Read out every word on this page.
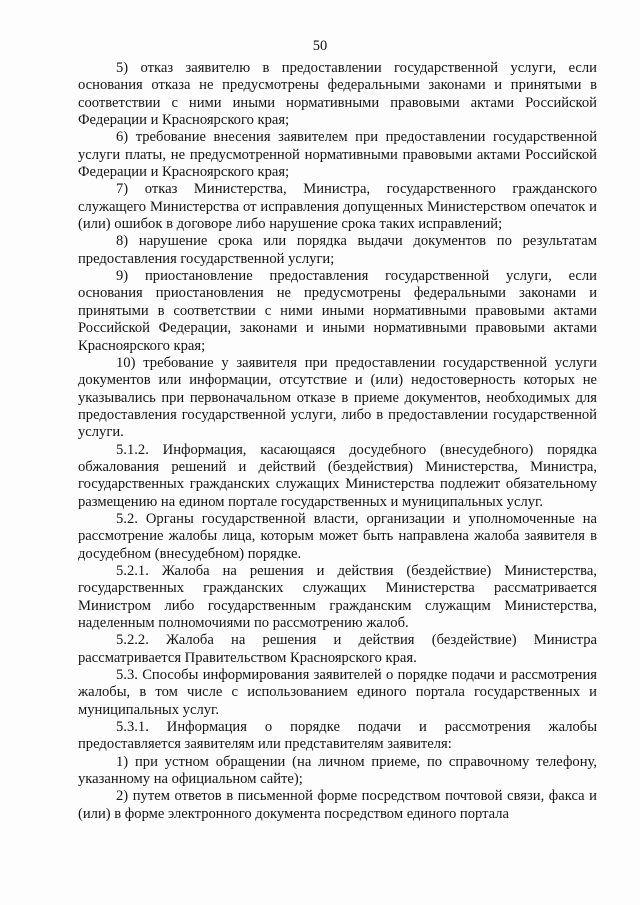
50

5) отказ заявителю в предоставлении государственной услуги, если основания отказа не предусмотрены федеральными законами и принятыми в соответствии с ними иными нормативными правовыми актами Российской Федерации и Красноярского края;

6) требование внесения заявителем при предоставлении государственной услуги платы, не предусмотренной нормативными правовыми актами Российской Федерации и Красноярского края;

7) отказ Министерства, Министра, государственного гражданского служащего Министерства от исправления допущенных Министерством опечаток и (или) ошибок в договоре либо нарушение срока таких исправлений;

8) нарушение срока или порядка выдачи документов по результатам предоставления государственной услуги;

9) приостановление предоставления государственной услуги, если основания приостановления не предусмотрены федеральными законами и принятыми в соответствии с ними иными нормативными правовыми актами Российской Федерации, законами и иными нормативными правовыми актами Красноярского края;

10) требование у заявителя при предоставлении государственной услуги документов или информации, отсутствие и (или) недостоверность которых не указывались при первоначальном отказе в приеме документов, необходимых для предоставления государственной услуги, либо в предоставлении государственной услуги.

5.1.2. Информация, касающаяся досудебного (внесудебного) порядка обжалования решений и действий (бездействия) Министерства, Министра, государственных гражданских служащих Министерства подлежит обязательному размещению на едином портале государственных и муниципальных услуг.

5.2. Органы государственной власти, организации и уполномоченные на рассмотрение жалобы лица, которым может быть направлена жалоба заявителя в досудебном (внесудебном) порядке.

5.2.1. Жалоба на решения и действия (бездействие) Министерства, государственных гражданских служащих Министерства рассматривается Министром либо государственным гражданским служащим Министерства, наделенным полномочиями по рассмотрению жалоб.

5.2.2. Жалоба на решения и действия (бездействие) Министра рассматривается Правительством Красноярского края.

5.3. Способы информирования заявителей о порядке подачи и рассмотрения жалобы, в том числе с использованием единого портала государственных и муниципальных услуг.

5.3.1. Информация о порядке подачи и рассмотрения жалобы предоставляется заявителям или представителям заявителя:

1) при устном обращении (на личном приеме, по справочному телефону, указанному на официальном сайте);

2) путем ответов в письменной форме посредством почтовой связи, факса и (или) в форме электронного документа посредством единого портала
